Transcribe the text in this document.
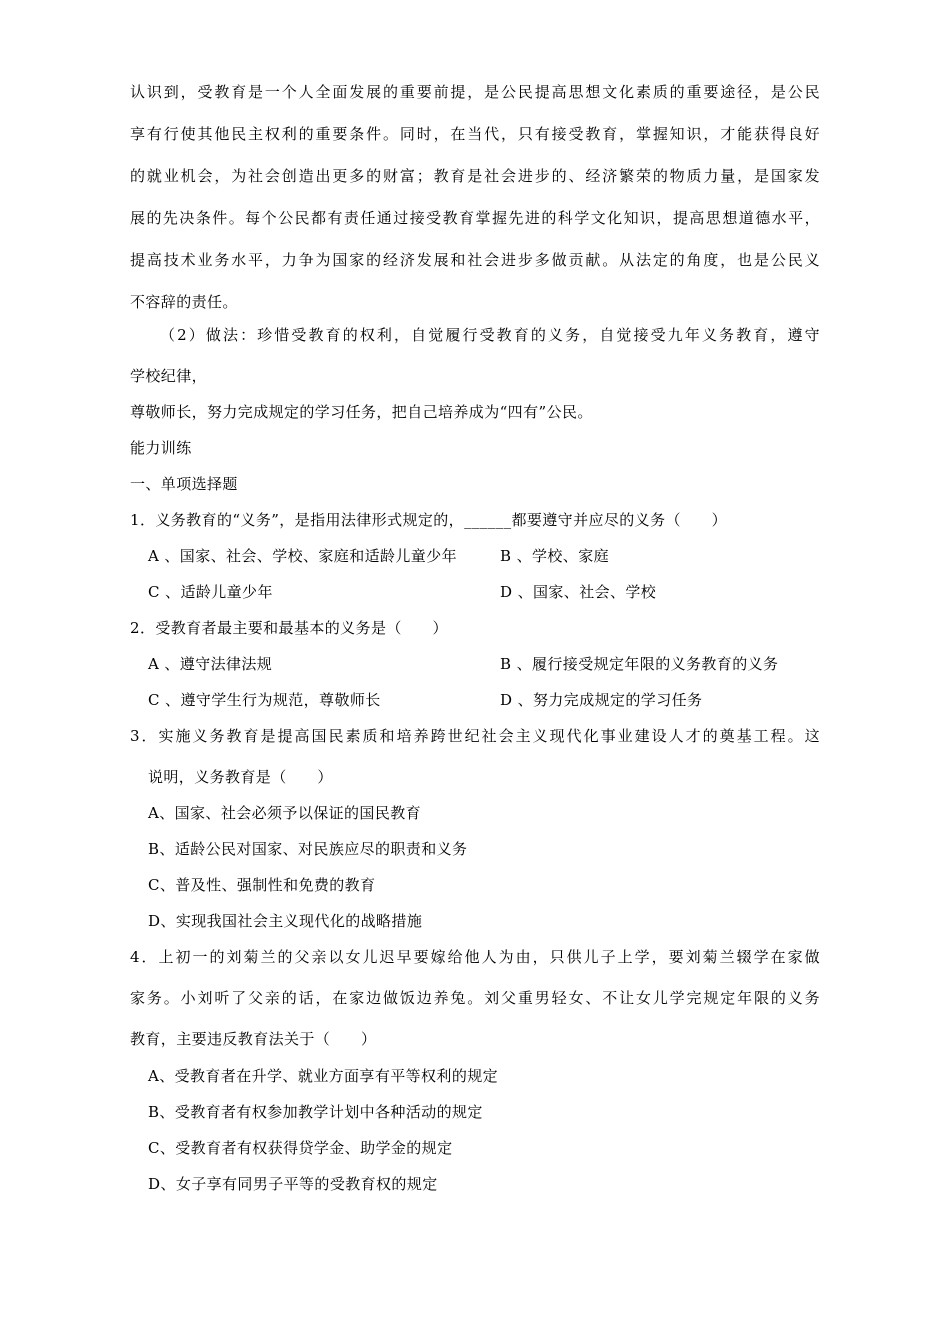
认识到，受教育是一个人全面发展的重要前提，是公民提高思想文化素质的重要途径，是公民
享有行使其他民主权利的重要条件。同时，在当代，只有接受教育，掌握知识，才能获得良好
的就业机会，为社会创造出更多的财富；教育是社会进步的、经济繁荣的物质力量，是国家发
展的先决条件。每个公民都有责任通过接受教育掌握先进的科学文化知识，提高思想道德水平，
提高技术业务水平，力争为国家的经济发展和社会进步多做贡献。从法定的角度，也是公民义
不容辞的责任。
（2）做法：珍惜受教育的权利，自觉履行受教育的义务，自觉接受九年义务教育，遵守
学校纪律，
尊敬师长，努力完成规定的学习任务，把自己培养成为“四有”公民。
能力训练
一、单项选择题
1．义务教育的“义务”，是指用法律形式规定的，______都要遵守并应尽的义务（　　）
A 、国家、社会、学校、家庭和适龄儿童少年	B 、学校、家庭
C 、适龄儿童少年	D 、国家、社会、学校
2．受教育者最主要和最基本的义务是（　　）
A 、遵守法律法规	B 、履行接受规定年限的义务教育的义务
C 、遵守学生行为规范，尊敬师长	D 、努力完成规定的学习任务
3．实施义务教育是提高国民素质和培养跨世纪社会主义现代化事业建设人才的奠基工程。这
说明，义务教育是（　　）
A、国家、社会必须予以保证的国民教育
B、适龄公民对国家、对民族应尽的职责和义务
C、普及性、强制性和免费的教育
D、实现我国社会主义现代化的战略措施
4．上初一的刘菊兰的父亲以女儿迟早要嫁给他人为由，只供儿子上学，要刘菊兰辍学在家做
家务。小刘听了父亲的话，在家边做饭边养兔。刘父重男轻女、不让女儿学完规定年限的义务
教育，主要违反教育法关于（　　）
A、受教育者在升学、就业方面享有平等权利的规定
B、受教育者有权参加教学计划中各种活动的规定
C、受教育者有权获得贷学金、助学金的规定
D、女子享有同男子平等的受教育权的规定
